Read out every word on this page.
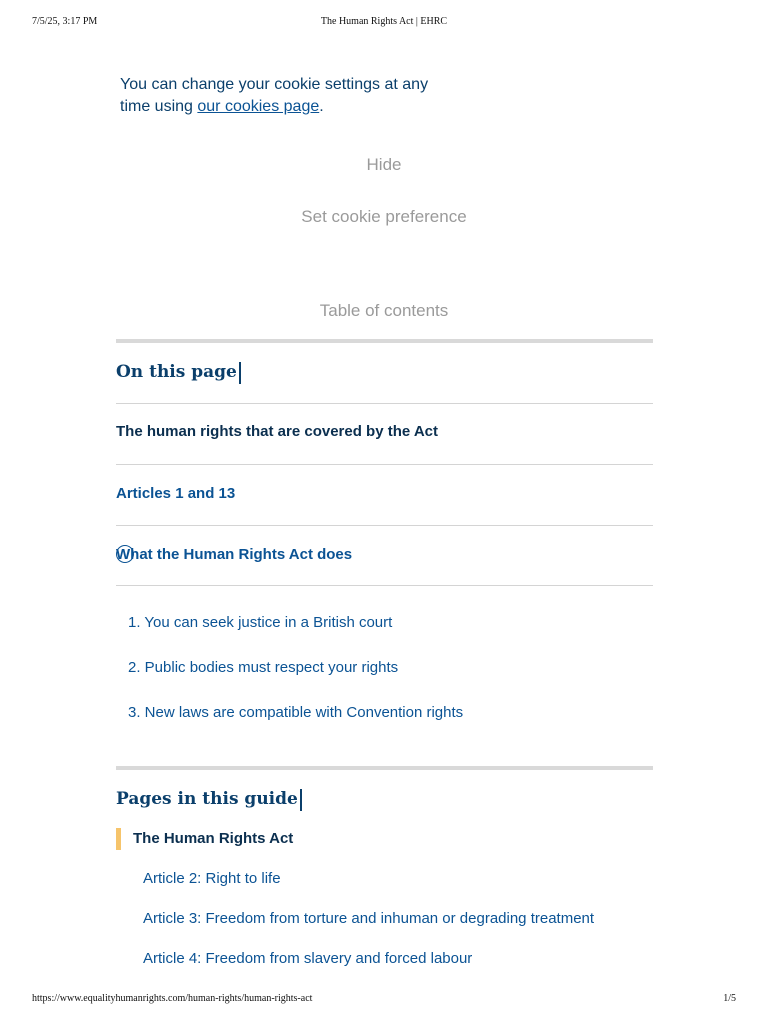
7/5/25, 3:17 PM	The Human Rights Act | EHRC
You can change your cookie settings at any time using our cookies page.
Hide
Set cookie preference
Table of contents
On this page
The human rights that are covered by the Act
Articles 1 and 13
What the Human Rights Act does
1. You can seek justice in a British court
2. Public bodies must respect your rights
3. New laws are compatible with Convention rights
Pages in this guide
The Human Rights Act
Article 2: Right to life
Article 3: Freedom from torture and inhuman or degrading treatment
Article 4: Freedom from slavery and forced labour
https://www.equalityhumanrights.com/human-rights/human-rights-act	1/5
